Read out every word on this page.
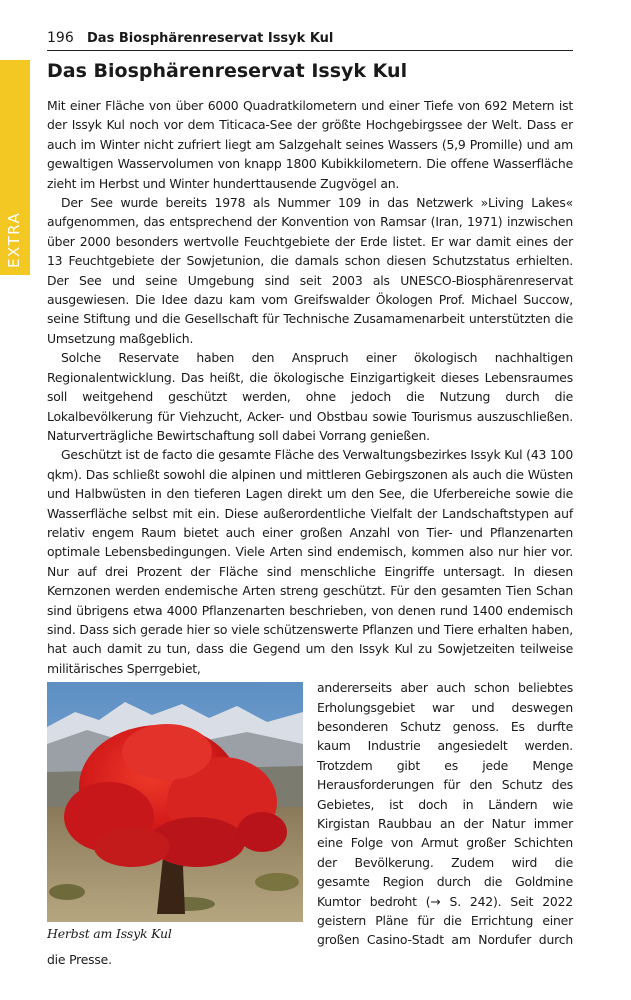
EXTRA
196 Das Biosphärenreservat Issyk Kul
Das Biosphärenreservat Issyk Kul

Mit einer Fläche von über 6000 Quadratkilometern und einer Tiefe von 692 Metern ist der Issyk Kul noch vor dem Titicaca-See der größte Hochgebirgssee der Welt. Dass er auch im Winter nicht zufriert liegt am Salzgehalt seines Wassers (5,9 Promille) und am gewaltigen Wasservolumen von knapp 1800 Kubikkilometern. Die offene Wasserfläche zieht im Herbst und Winter hunderttausende Zugvögel an.

Der See wurde bereits 1978 als Nummer 109 in das Netzwerk »Living Lakes« aufgenommen, das entsprechend der Konvention von Ramsar (Iran, 1971) inzwischen über 2000 besonders wertvolle Feuchtgebiete der Erde listet. Er war damit eines der 13 Feuchtgebiete der Sowjetunion, die damals schon diesen Schutzstatus erhielten. Der See und seine Umgebung sind seit 2003 als UNESCO-Biosphärenreservat ausgewiesen. Die Idee dazu kam vom Greifswalder Ökologen Prof. Michael Succow, seine Stiftung und die Gesellschaft für Technische Zusamamenarbeit unterstützten die Umsetzung maßgeblich.

Solche Reservate haben den Anspruch einer ökologisch nachhaltigen Regionalentwicklung. Das heißt, die ökologische Einzigartigkeit dieses Lebensraumes soll weitgehend geschützt werden, ohne jedoch die Nutzung durch die Lokalbevölkerung für Viehzucht, Acker- und Obstbau sowie Tourismus auszuschließen. Naturverträgliche Bewirtschaftung soll dabei Vorrang genießen.

Geschützt ist de facto die gesamte Fläche des Verwaltungsbezirkes Issyk Kul (43 100 qkm). Das schließt sowohl die alpinen und mittleren Gebirgszonen als auch die Wüsten und Halbwüsten in den tieferen Lagen direkt um den See, die Uferbereiche sowie die Wasserfläche selbst mit ein. Diese außerordentliche Vielfalt der Landschaftstypen auf relativ engem Raum bietet auch einer großen Anzahl von Tier- und Pflanzenarten optimale Lebensbedingungen. Viele Arten sind endemisch, kommen also nur hier vor. Nur auf drei Prozent der Fläche sind menschliche Eingriffe untersagt. In diesen Kernzonen werden endemische Arten streng geschützt. Für den gesamten Tien Schan sind übrigens etwa 4000 Pflanzenarten beschrieben, von denen rund 1400 endemisch sind. Dass sich gerade hier so viele schützenswerte Pflanzen und Tiere erhalten haben, hat auch damit zu tun, dass die Gegend um den Issyk Kul zu Sowjetzeiten teilweise militärisches Sperrgebiet,

Herbst am Issyk Kul

andererseits aber auch schon beliebtes Erholungsgebiet war und deswegen besonderen Schutz genoss. Es durfte kaum Industrie angesiedelt werden. Trotzdem gibt es jede Menge Herausforderungen für den Schutz des Gebietes, ist doch in Ländern wie Kirgistan Raubbau an der Natur immer eine Folge von Armut großer Schichten der Bevölkerung. Zudem wird die gesamte Region durch die Goldmine Kumtor bedroht (→ S. 242). Seit 2022 geistern Pläne für die Errichtung einer großen Casino-Stadt am Nordufer durch die Presse.
